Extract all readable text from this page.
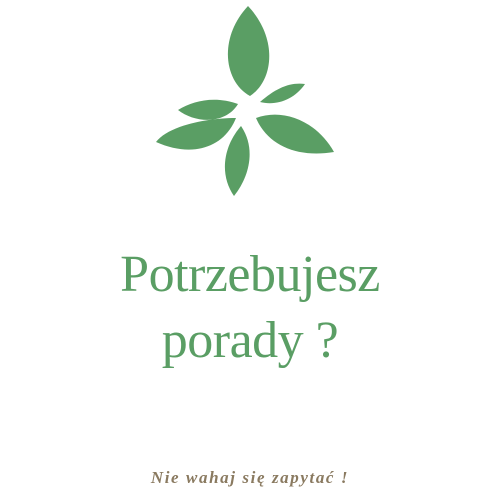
Potrzebujesz
porady ?
Nie wahaj się zapytać !
